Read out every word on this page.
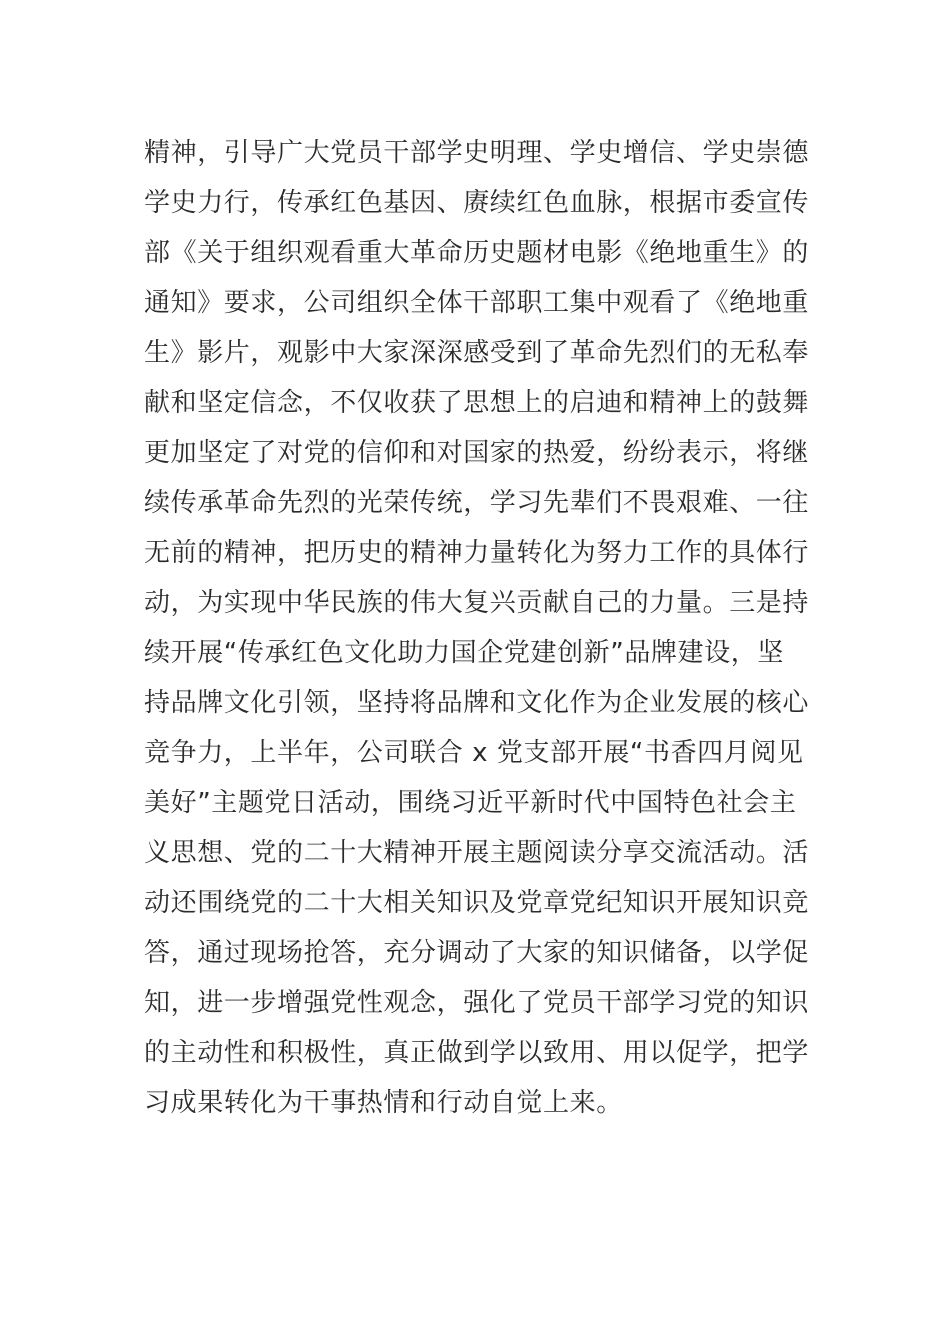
精神，引导广大党员干部学史明理、学史增信、学史崇德
学史力行，传承红色基因、赓续红色血脉，根据市委宣传
部《关于组织观看重大革命历史题材电影《绝地重生》的
通知》要求，公司组织全体干部职工集中观看了《绝地重
生》影片，观影中大家深深感受到了革命先烈们的无私奉
献和坚定信念，不仅收获了思想上的启迪和精神上的鼓舞
更加坚定了对党的信仰和对国家的热爱，纷纷表示，将继
续传承革命先烈的光荣传统，学习先辈们不畏艰难、一往
无前的精神，把历史的精神力量转化为努力工作的具体行
动，为实现中华民族的伟大复兴贡献自己的力量。三是持
续开展“传承红色文化助力国企党建创新”品牌建设，坚
持品牌文化引领，坚持将品牌和文化作为企业发展的核心
竞争力，上半年，公司联合 x 党支部开展“书香四月阅见
美好”主题党日活动，围绕习近平新时代中国特色社会主
义思想、党的二十大精神开展主题阅读分享交流活动。活
动还围绕党的二十大相关知识及党章党纪知识开展知识竞
答，通过现场抢答，充分调动了大家的知识储备，以学促
知，进一步增强党性观念，强化了党员干部学习党的知识
的主动性和积极性，真正做到学以致用、用以促学，把学
习成果转化为干事热情和行动自觉上来。
